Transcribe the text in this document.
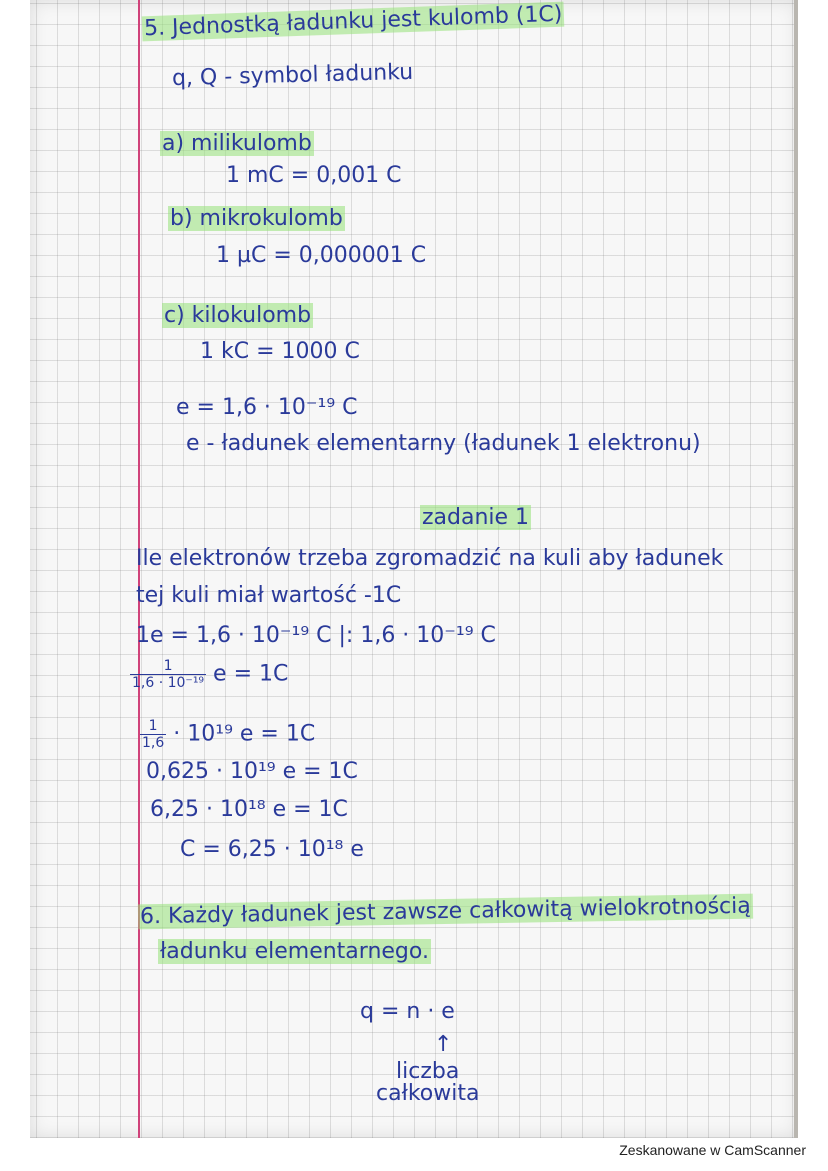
5. Jednostką ładunku jest kulomb (1C)
q, Q - symbol ładunku
a) milikulomb
1 mC = 0,001 C
b) mikrokulomb
1 µC = 0,000001 C
c) kilokulomb
1 kC = 1000 C
e = 1,6 · 10⁻¹⁹ C
e - ładunek elementarny (ładunek 1 elektronu)
zadanie 1
Ile elektronów trzeba zgromadzić na kuli aby ładunek
tej kuli miał wartość -1C
1e = 1,6 · 10⁻¹⁹ C |: 1,6 · 10⁻¹⁹ C
$\frac{1}{\text{1,6 · 10⁻¹⁹}}$ e = 1C
$\frac{1}{1,6} \cdot 10^{19}$ e = 1C
0,625 · 10¹⁹ e = 1C
6,25 · 10¹⁸ e = 1C
C = 6,25 · 10¹⁸ e
6. Każdy ładunek jest zawsze całkowitą wielokrotnością
ładunku elementarnego.
q = n · e
↑
liczba
całkowita
Zeskanowane w CamScanner
